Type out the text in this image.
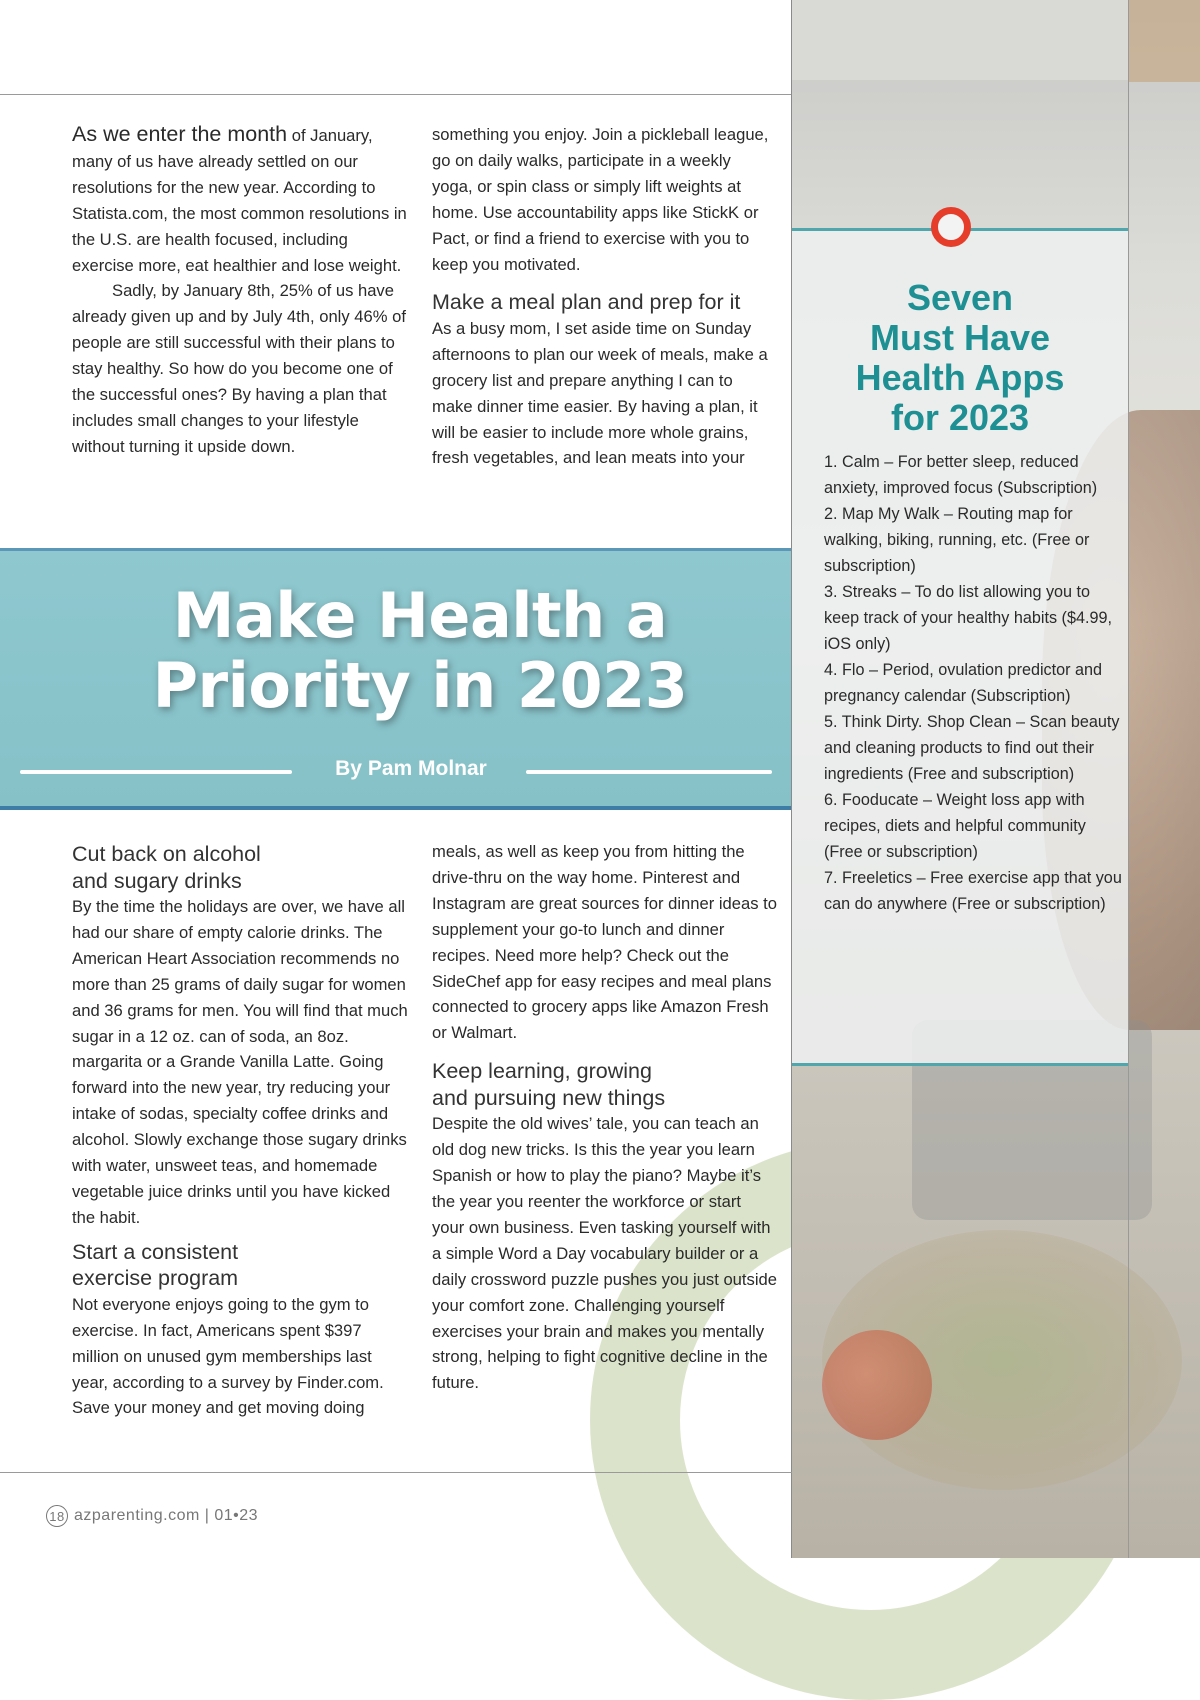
As we enter the month of January, many of us have already settled on our resolutions for the new year. According to Statista.com, the most common resolutions in the U.S. are health focused, including exercise more, eat healthier and lose weight.

Sadly, by January 8th, 25% of us have already given up and by July 4th, only 46% of people are still successful with their plans to stay healthy. So how do you become one of the successful ones? By having a plan that includes small changes to your lifestyle without turning it upside down.

something you enjoy. Join a pickleball league, go on daily walks, participate in a weekly yoga, or spin class or simply lift weights at home. Use accountability apps like StickK or Pact, or find a friend to exercise with you to keep you motivated.

Make a meal plan and prep for it

As a busy mom, I set aside time on Sunday afternoons to plan our week of meals, make a grocery list and prepare anything I can to make dinner time easier. By having a plan, it will be easier to include more whole grains, fresh vegetables, and lean meats into your

Make Health a
Priority in 2023
By Pam Molnar
Cut back on alcohol
and sugary drinks

By the time the holidays are over, we have all had our share of empty calorie drinks. The American Heart Association recommends no more than 25 grams of daily sugar for women and 36 grams for men. You will find that much sugar in a 12 oz. can of soda, an 8oz. margarita or a Grande Vanilla Latte. Going forward into the new year, try reducing your intake of sodas, specialty coffee drinks and alcohol. Slowly exchange those sugary drinks with water, unsweet teas, and homemade vegetable juice drinks until you have kicked the habit.

Start a consistent
exercise program

Not everyone enjoys going to the gym to exercise. In fact, Americans spent $397 million on unused gym memberships last year, according to a survey by Finder.com. Save your money and get moving doing

meals, as well as keep you from hitting the drive-thru on the way home. Pinterest and Instagram are great sources for dinner ideas to supplement your go-to lunch and dinner recipes. Need more help? Check out the SideChef app for easy recipes and meal plans connected to grocery apps like Amazon Fresh or Walmart.

Keep learning, growing
and pursuing new things

Despite the old wives’ tale, you can teach an old dog new tricks. Is this the year you learn Spanish or how to play the piano? Maybe it’s the year you reenter the workforce or start your own business. Even tasking yourself with a simple Word a Day vocabulary builder or a daily crossword puzzle pushes you just outside your comfort zone. Challenging yourself exercises your brain and makes you mentally strong, helping to fight cognitive decline in the future.

Seven
Must Have
Health Apps
for 2023
1. Calm – For better sleep, reduced anxiety, improved focus (Subscription)
2. Map My Walk – Routing map for walking, biking, running, etc. (Free or subscription)
3. Streaks – To do list allowing you to keep track of your healthy habits ($4.99, iOS only)
4. Flo – Period, ovulation predictor and pregnancy calendar (Subscription)
5. Think Dirty. Shop Clean – Scan beauty and cleaning products to find out their ingredients (Free and subscription)
6. Fooducate – Weight loss app with recipes, diets and helpful community (Free or subscription)
7. Freeletics – Free exercise app that you can do anywhere (Free or subscription)
18 azparenting.com | 01•23
